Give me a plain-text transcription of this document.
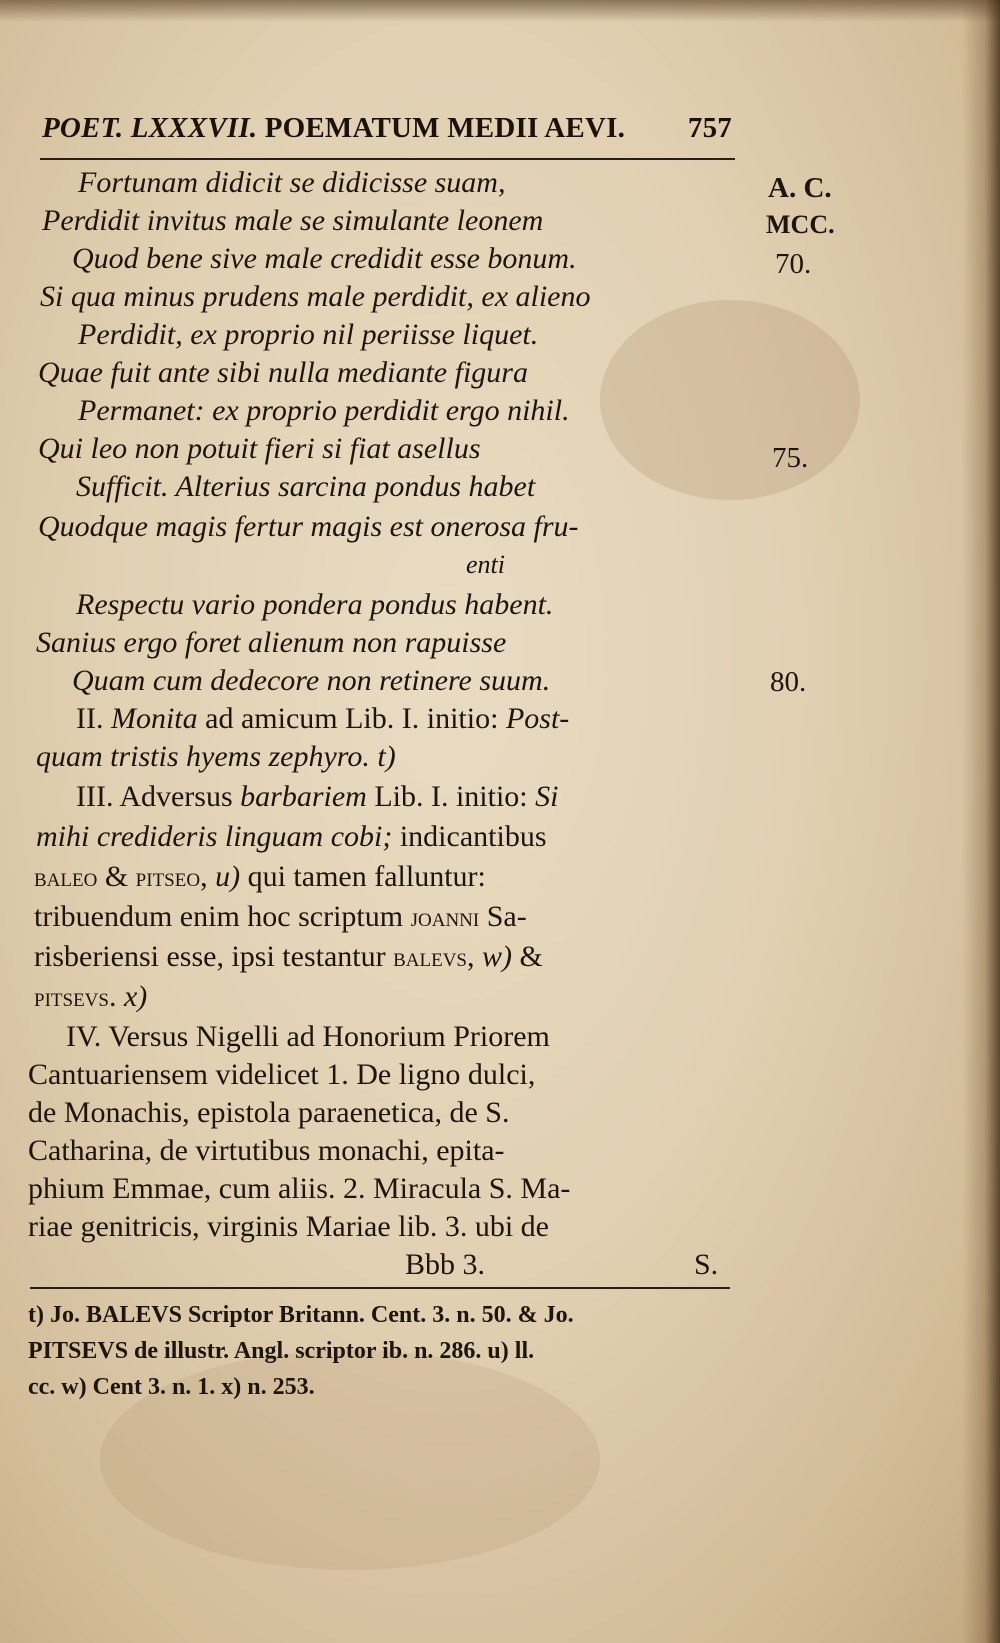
POET. LXXXVII. POEMATUM MEDII AEVI. 757
A. C.
MCC.
70.
75.
80.
Fortunam didicit se didicisse suam,
Perdidit invitus male se simulante leonem
Quod bene sive male credidit esse bonum.
Si qua minus prudens male perdidit, ex alieno
Perdidit, ex proprio nil periisse liquet.
Quae fuit ante sibi nulla mediante figura
Permanet: ex proprio perdidit ergo nihil.
Qui leo non potuit fieri si fiat asellus
Sufficit. Alterius sarcina pondus habet
Quodque magis fertur magis est onerosa fru-
enti
Respectu vario pondera pondus habent.
Sanius ergo foret alienum non rapuisse
Quam cum dedecore non retinere suum.
II. Monita ad amicum Lib. I. initio: Post-
quam tristis hyems zephyro. t)
III. Adversus barbariem Lib. I. initio: Si
mihi credideris linguam cobi; indicantibus
baleo & pitseo, u) qui tamen falluntur:
tribuendum enim hoc scriptum joanni Sa-
risberiensi esse, ipsi testantur balevs, w) &
pitsevs. x)
IV. Versus Nigelli ad Honorium Priorem
Cantuariensem videlicet 1. De ligno dulci,
de Monachis, epistola paraenetica, de S.
Catharina, de virtutibus monachi, epita-
phium Emmae, cum aliis. 2. Miracula S. Ma-
riae genitricis, virginis Mariae lib. 3. ubi de
Bbb 3.	S.
t) Jo. BALEVS Scriptor Britann. Cent. 3. n. 50. & Jo.
PITSEVS de illustr. Angl. scriptor ib. n. 286. u) ll.
cc. w) Cent 3. n. 1. x) n. 253.
